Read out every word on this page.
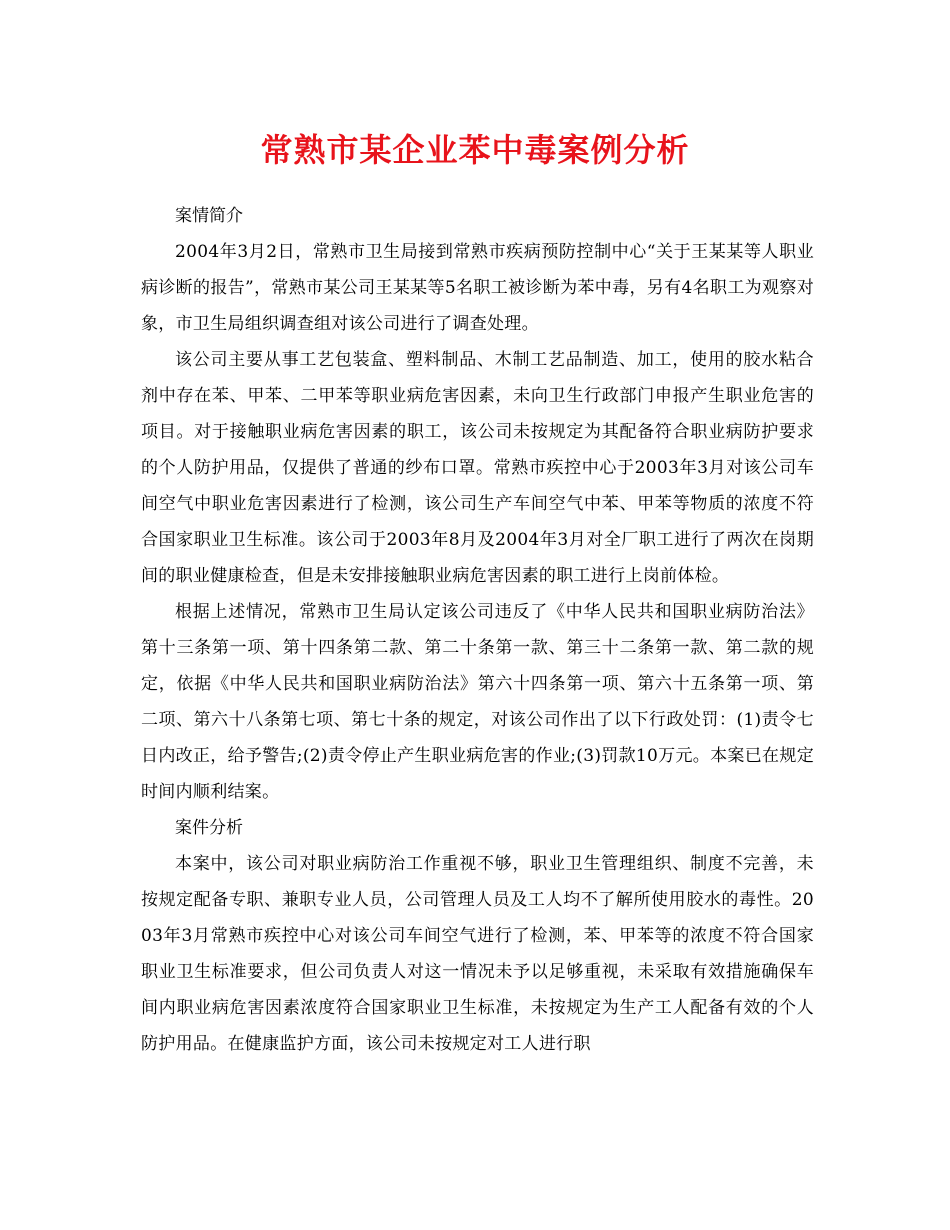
常熟市某企业苯中毒案例分析

案情简介

2004年3月2日，常熟市卫生局接到常熟市疾病预防控制中心“关于王某某等人职业病诊断的报告”，常熟市某公司王某某等5名职工被诊断为苯中毒，另有4名职工为观察对象，市卫生局组织调查组对该公司进行了调查处理。

该公司主要从事工艺包装盒、塑料制品、木制工艺品制造、加工，使用的胶水粘合剂中存在苯、甲苯、二甲苯等职业病危害因素，未向卫生行政部门申报产生职业危害的项目。对于接触职业病危害因素的职工，该公司未按规定为其配备符合职业病防护要求的个人防护用品，仅提供了普通的纱布口罩。常熟市疾控中心于2003年3月对该公司车间空气中职业危害因素进行了检测，该公司生产车间空气中苯、甲苯等物质的浓度不符合国家职业卫生标准。该公司于2003年8月及2004年3月对全厂职工进行了两次在岗期间的职业健康检查，但是未安排接触职业病危害因素的职工进行上岗前体检。

根据上述情况，常熟市卫生局认定该公司违反了《中华人民共和国职业病防治法》第十三条第一项、第十四条第二款、第二十条第一款、第三十二条第一款、第二款的规定，依据《中华人民共和国职业病防治法》第六十四条第一项、第六十五条第一项、第二项、第六十八条第七项、第七十条的规定，对该公司作出了以下行政处罚：(1)责令七日内改正，给予警告;(2)责令停止产生职业病危害的作业;(3)罚款10万元。本案已在规定时间内顺利结案。

案件分析

本案中，该公司对职业病防治工作重视不够，职业卫生管理组织、制度不完善，未按规定配备专职、兼职专业人员，公司管理人员及工人均不了解所使用胶水的毒性。2003年3月常熟市疾控中心对该公司车间空气进行了检测，苯、甲苯等的浓度不符合国家职业卫生标准要求，但公司负责人对这一情况未予以足够重视，未采取有效措施确保车间内职业病危害因素浓度符合国家职业卫生标准，未按规定为生产工人配备有效的个人防护用品。在健康监护方面，该公司未按规定对工人进行职
